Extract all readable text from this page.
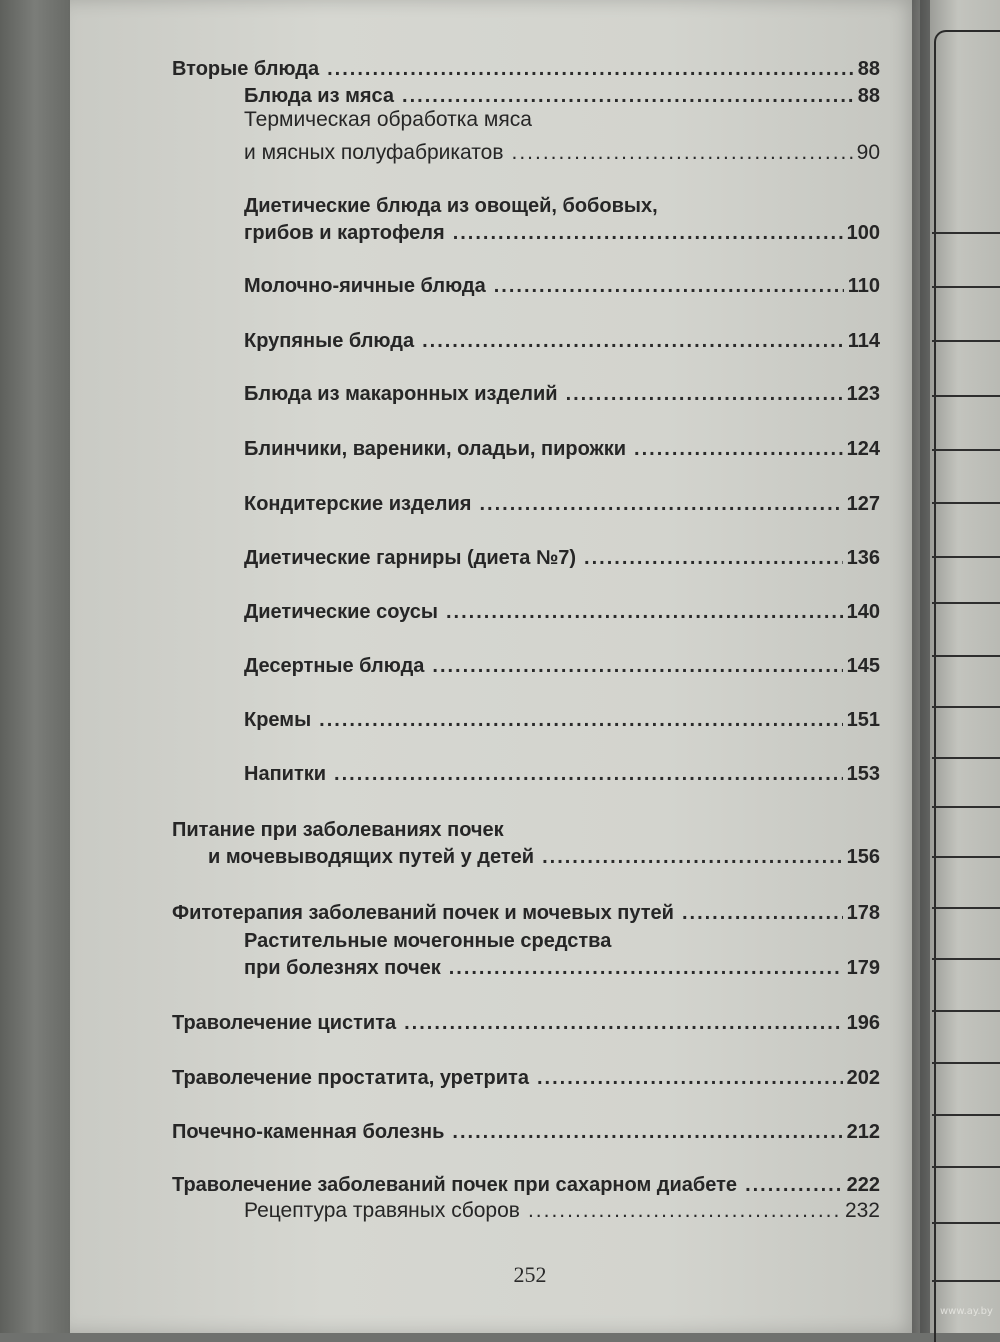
Вторые блюда .....	88
Блюда из мяса .....	88
Термическая обработка мяса
и мясных полуфабрикатов .....	90
Диетические блюда из овощей, бобовых,
грибов и картофеля .....	100
Молочно-яичные блюда .....	110
Крупяные блюда .....	114
Блюда из макаронных изделий .....	123
Блинчики, вареники, оладьи, пирожки .....	124
Кондитерские изделия .....	127
Диетические гарниры (диета №7) .....	136
Диетические соусы .....	140
Десертные блюда .....	145
Кремы .....	151
Напитки .....	153
Питание при заболеваниях почек
и мочевыводящих путей у детей .....	156
Фитотерапия заболеваний почек и мочевых путей .....	178
Растительные мочегонные средства
при болезнях почек .....	179
Траволечение цистита .....	196
Траволечение простатита, уретрита .....	202
Почечно-каменная болезнь .....	212
Траволечение заболеваний почек при сахарном диабете .....	222
Рецептура травяных сборов .....	232
252
www.ay.by
